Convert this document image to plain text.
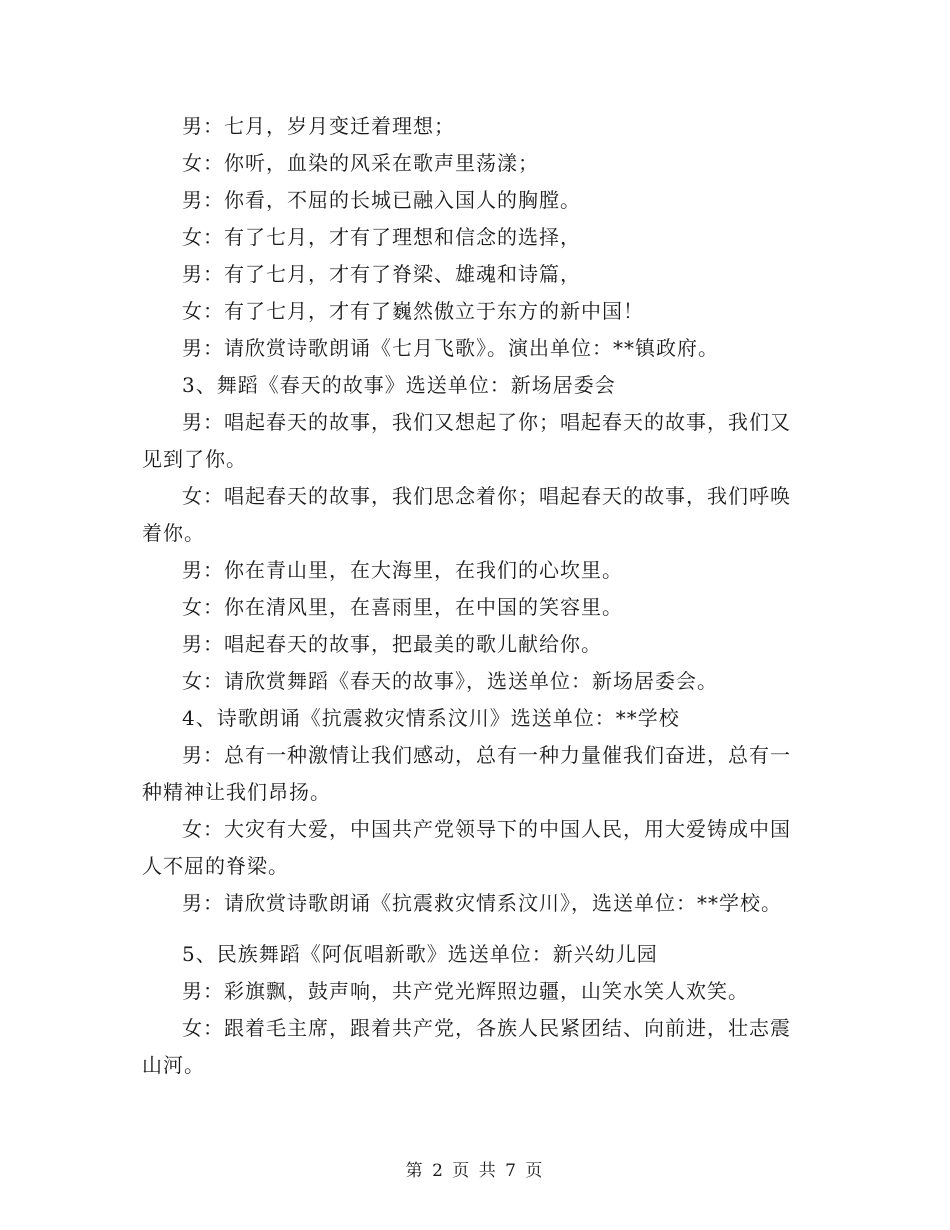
男：七月，岁月变迁着理想；

女：你听，血染的风采在歌声里荡漾；

男：你看，不屈的长城已融入国人的胸膛。

女：有了七月，才有了理想和信念的选择，

男：有了七月，才有了脊梁、雄魂和诗篇，

女：有了七月，才有了巍然傲立于东方的新中国！

男：请欣赏诗歌朗诵《七月飞歌》。演出单位：**镇政府。

3、舞蹈《春天的故事》选送单位：新场居委会

男：唱起春天的故事，我们又想起了你；唱起春天的故事，我们又见到了你。

女：唱起春天的故事，我们思念着你；唱起春天的故事，我们呼唤着你。

男：你在青山里，在大海里，在我们的心坎里。

女：你在清风里，在喜雨里，在中国的笑容里。

男：唱起春天的故事，把最美的歌儿献给你。

女：请欣赏舞蹈《春天的故事》，选送单位：新场居委会。

4、诗歌朗诵《抗震救灾情系汶川》选送单位：**学校

男：总有一种激情让我们感动，总有一种力量催我们奋进，总有一种精神让我们昂扬。

女：大灾有大爱，中国共产党领导下的中国人民，用大爱铸成中国人不屈的脊梁。

男：请欣赏诗歌朗诵《抗震救灾情系汶川》，选送单位：**学校。

5、民族舞蹈《阿佤唱新歌》选送单位：新兴幼儿园

男：彩旗飘，鼓声响，共产党光辉照边疆，山笑水笑人欢笑。

女：跟着毛主席，跟着共产党，各族人民紧团结、向前进，壮志震山河。

第 2 页 共 7 页
